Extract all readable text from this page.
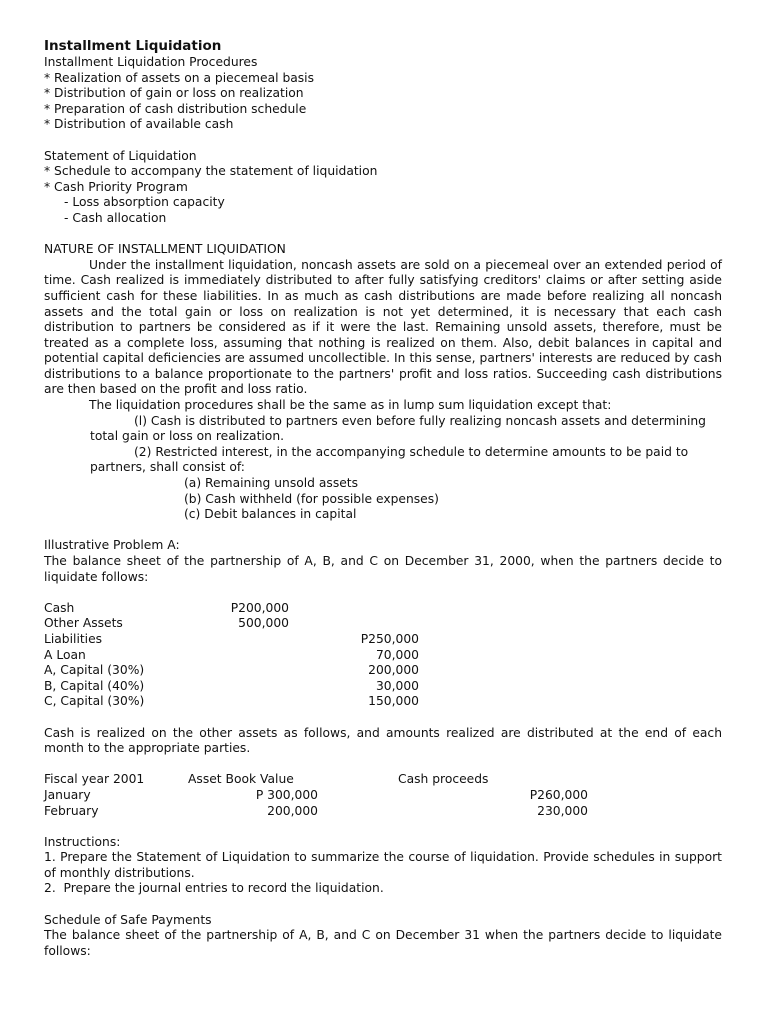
Installment Liquidation
Installment Liquidation Procedures
* Realization of assets on a piecemeal basis
* Distribution of gain or loss on realization
* Preparation of cash distribution schedule
* Distribution of available cash
Statement of Liquidation
* Schedule to accompany the statement of liquidation
* Cash Priority Program
- Loss absorption capacity
- Cash allocation
NATURE OF INSTALLMENT LIQUIDATION
Under the installment liquidation, noncash assets are sold on a piecemeal over an extended period of time. Cash realized is immediately distributed to after fully satisfying creditors' claims or after setting aside sufficient cash for these liabilities. In as much as cash distributions are made before realizing all noncash assets and the total gain or loss on realization is not yet determined, it is necessary that each cash distribution to partners be considered as if it were the last. Remaining unsold assets, therefore, must be treated as a complete loss, assuming that nothing is realized on them. Also, debit balances in capital and potential capital deficiencies are assumed uncollectible. In this sense, partners' interests are reduced by cash distributions to a balance proportionate to the partners' profit and loss ratios. Succeeding cash distributions are then based on the profit and loss ratio.
The liquidation procedures shall be the same as in lump sum liquidation except that:
(l) Cash is distributed to partners even before fully realizing noncash assets and determining
total gain or loss on realization.
(2) Restricted interest, in the accompanying schedule to determine amounts to be paid to
partners, shall consist of:
(a) Remaining unsold assets
(b) Cash withheld (for possible expenses)
(c) Debit balances in capital
Illustrative Problem A:
The balance sheet of the partnership of A, B, and C on December 31, 2000, when the partners decide to liquidate follows:
Cash	P200,000	
Other Assets	500,000	
Liabilities		P250,000
A Loan		70,000
A, Capital (30%)		200,000
B, Capital (40%)		30,000
C, Capital (30%)		150,000
Cash is realized on the other assets as follows, and amounts realized are distributed at the end of each month to the appropriate parties.
Fiscal year 2001	Asset Book Value	Cash proceeds
January	P 300,000	P260,000
February	200,000	230,000
Instructions:
1. Prepare the Statement of Liquidation to summarize the course of liquidation. Provide schedules in support of monthly distributions.
2.  Prepare the journal entries to record the liquidation.
Schedule of Safe Payments
The balance sheet of the partnership of A, B, and C on December 31 when the partners decide to liquidate follows:
